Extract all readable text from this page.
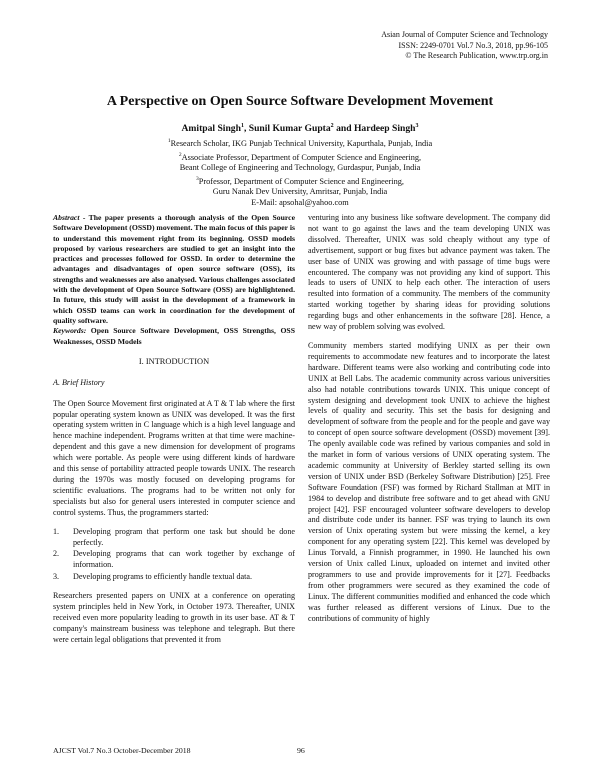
Asian Journal of Computer Science and Technology
ISSN: 2249-0701 Vol.7 No.3, 2018, pp.96-105
© The Research Publication, www.trp.org.in
A Perspective on Open Source Software Development Movement
Amitpal Singh$^1$, Sunil Kumar Gupta$^2$ and Hardeep Singh$^3$
$^1$Research Scholar, IKG Punjab Technical University, Kapurthala, Punjab, India
$^2$Associate Professor, Department of Computer Science and Engineering,
Beant College of Engineering and Technology, Gurdaspur, Punjab, India
$^3$Professor, Department of Computer Science and Engineering,
Guru Nanak Dev University, Amritsar, Punjab, India
E-Mail: apsohal@yahoo.com

Abstract - The paper presents a thorough analysis of the Open Source Software Development (OSSD) movement. The main focus of this paper is to understand this movement right from its beginning. OSSD models proposed by various researchers are studied to get an insight into the practices and processes followed for OSSD. In order to determine the advantages and disadvantages of open source software (OSS), its strengths and weaknesses are also analysed. Various challenges associated with the development of Open Source Software (OSS) are highlightened. In future, this study will assist in the development of a framework in which OSSD teams can work in coordination for the development of quality software.
Keywords: Open Source Software Development, OSS Strengths, OSS Weaknesses, OSSD Models

I. INTRODUCTION
A. Brief History

The Open Source Movement first originated at A T & T lab where the first popular operating system known as UNIX was developed. It was the first operating system written in C language which is a high level language and hence machine independent. Programs written at that time were machine-dependent and this gave a new dimension for development of programs which were portable. As people were using different kinds of hardware and this sense of portability attracted people towards UNIX. The research during the 1970s was mostly focused on developing programs for scientific evaluations. The programs had to be written not only for specialists but also for general users interested in computer science and control systems. Thus, the programmers started:

1.	Developing program that perform one task but should be done perfectly.
2.	Developing programs that can work together by exchange of information.
3.	Developing programs to efficiently handle textual data.

Researchers presented papers on UNIX at a conference on operating system principles held in New York, in October 1973. Thereafter, UNIX received even more popularity leading to growth in its user base. AT & T company's mainstream business was telephone and telegraph. But there were certain legal obligations that prevented it from

venturing into any business like software development. The company did not want to go against the laws and the team developing UNIX was dissolved. Thereafter, UNIX was sold cheaply without any type of advertisement, support or bug fixes but advance payment was taken. The user base of UNIX was growing and with passage of time bugs were encountered. The company was not providing any kind of support. This leads to users of UNIX to help each other. The interaction of users resulted into formation of a community. The members of the community started working together by sharing ideas for providing solutions regarding bugs and other enhancements in the software [28]. Hence, a new way of problem solving was evolved.

Community members started modifying UNIX as per their own requirements to accommodate new features and to incorporate the latest hardware. Different teams were also working and contributing code into UNIX at Bell Labs. The academic community across various universities also had notable contributions towards UNIX. This unique concept of system designing and development took UNIX to achieve the highest levels of quality and security. This set the basis for designing and development of software from the people and for the people and gave way to concept of open source software development (OSSD) movement [39]. The openly available code was refined by various companies and sold in the market in form of various versions of UNIX operating system. The academic community at University of Berkley started selling its own version of UNIX under BSD (Berkeley Software Distribution) [25]. Free Software Foundation (FSF) was formed by Richard Stallman at MIT in 1984 to develop and distribute free software and to get ahead with GNU project [42]. FSF encouraged volunteer software developers to develop and distribute code under its banner. FSF was trying to launch its own version of Unix operating system but were missing the kernel, a key component for any operating system [22]. This kernel was developed by Linus Torvald, a Finnish programmer, in 1990. He launched his own version of Unix called Linux, uploaded on internet and invited other programmers to use and provide improvements for it [27]. Feedbacks from other programmers were secured as they examined the code of Linux. The different communities modified and enhanced the code which was further released as different versions of Linux. Due to the contributions of community of highly

AJCST Vol.7 No.3 October-December 2018	96
